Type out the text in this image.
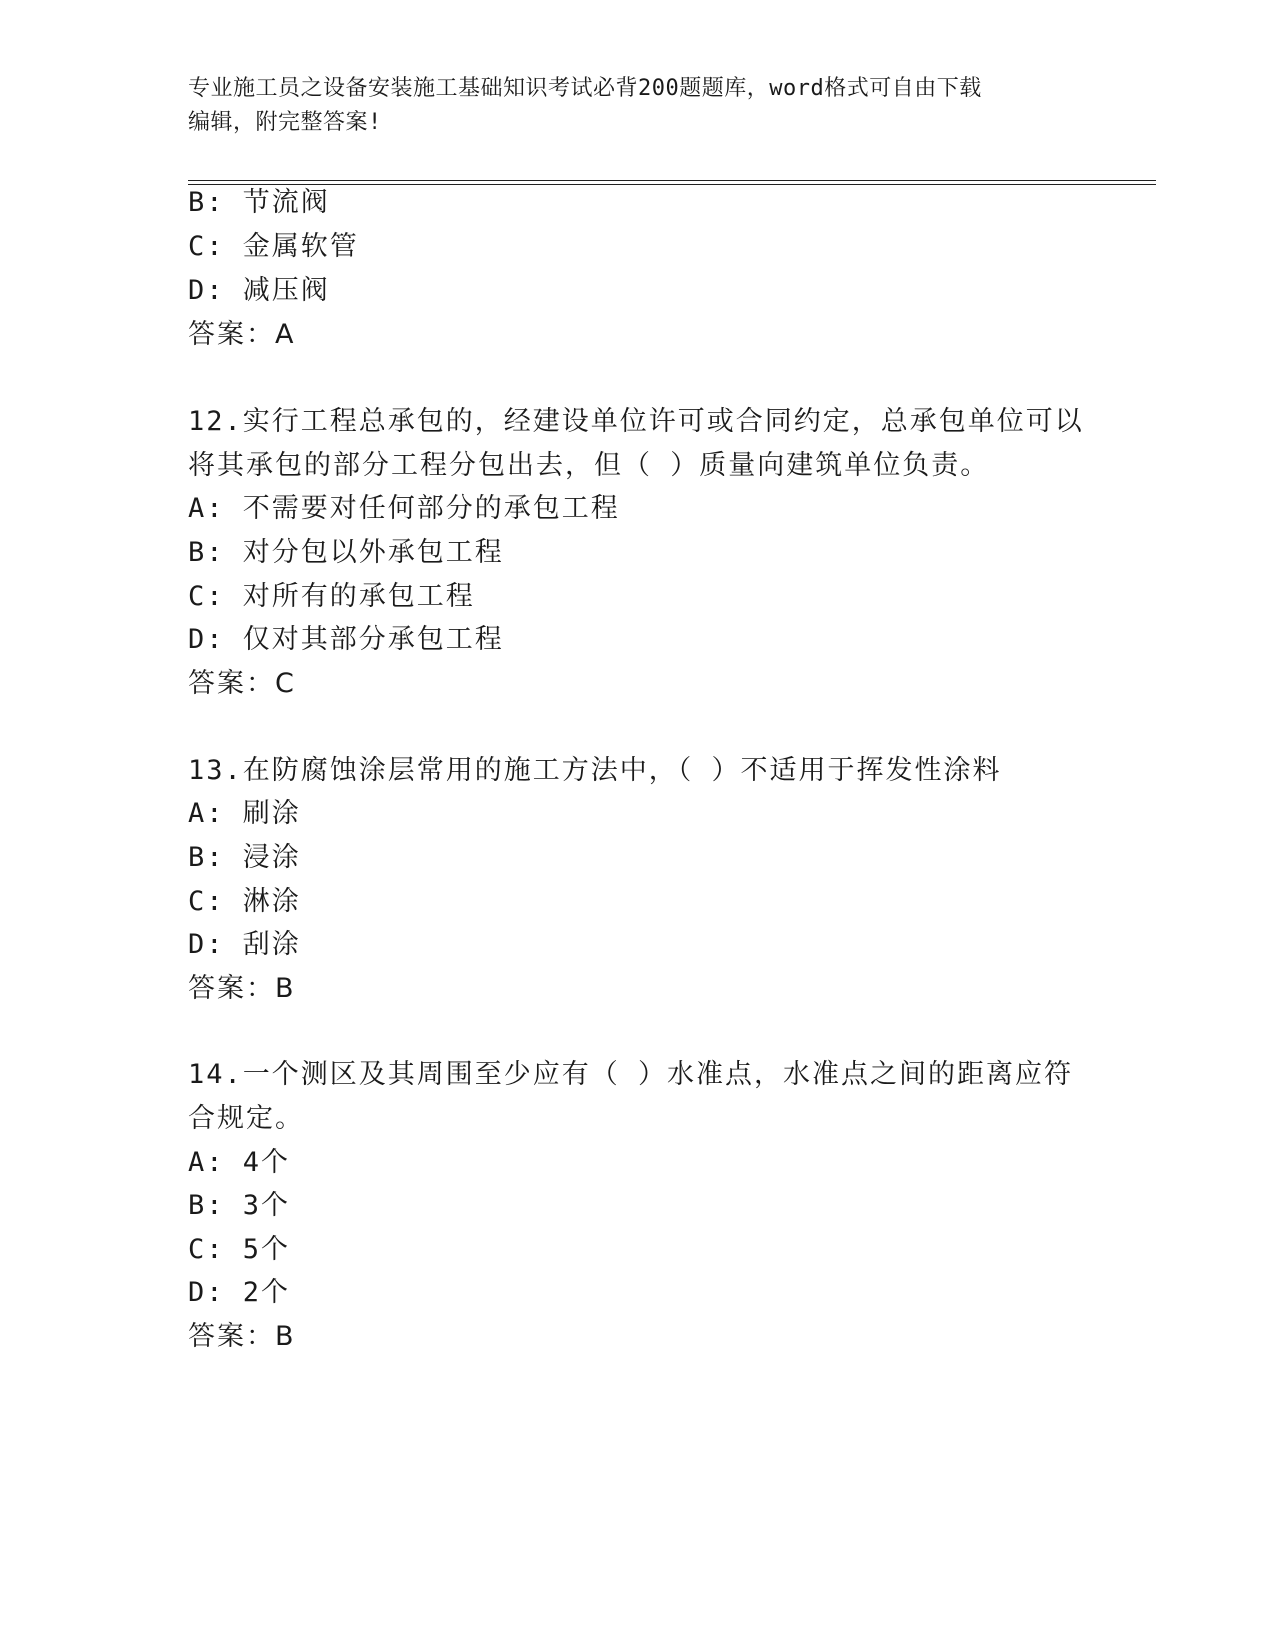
专业施工员之设备安装施工基础知识考试必背200题题库，word格式可自由下载
编辑，附完整答案!
B: 节流阀
C: 金属软管
D: 减压阀
答案：A
12.实行工程总承包的，经建设单位许可或合同约定，总承包单位可以
将其承包的部分工程分包出去，但（ ）质量向建筑单位负责。
A: 不需要对任何部分的承包工程
B: 对分包以外承包工程
C: 对所有的承包工程
D: 仅对其部分承包工程
答案：C
13.在防腐蚀涂层常用的施工方法中，（ ）不适用于挥发性涂料
A: 刷涂
B: 浸涂
C: 淋涂
D: 刮涂
答案：B
14.一个测区及其周围至少应有（ ）水准点，水准点之间的距离应符
合规定。
A: 4个
B: 3个
C: 5个
D: 2个
答案：B
